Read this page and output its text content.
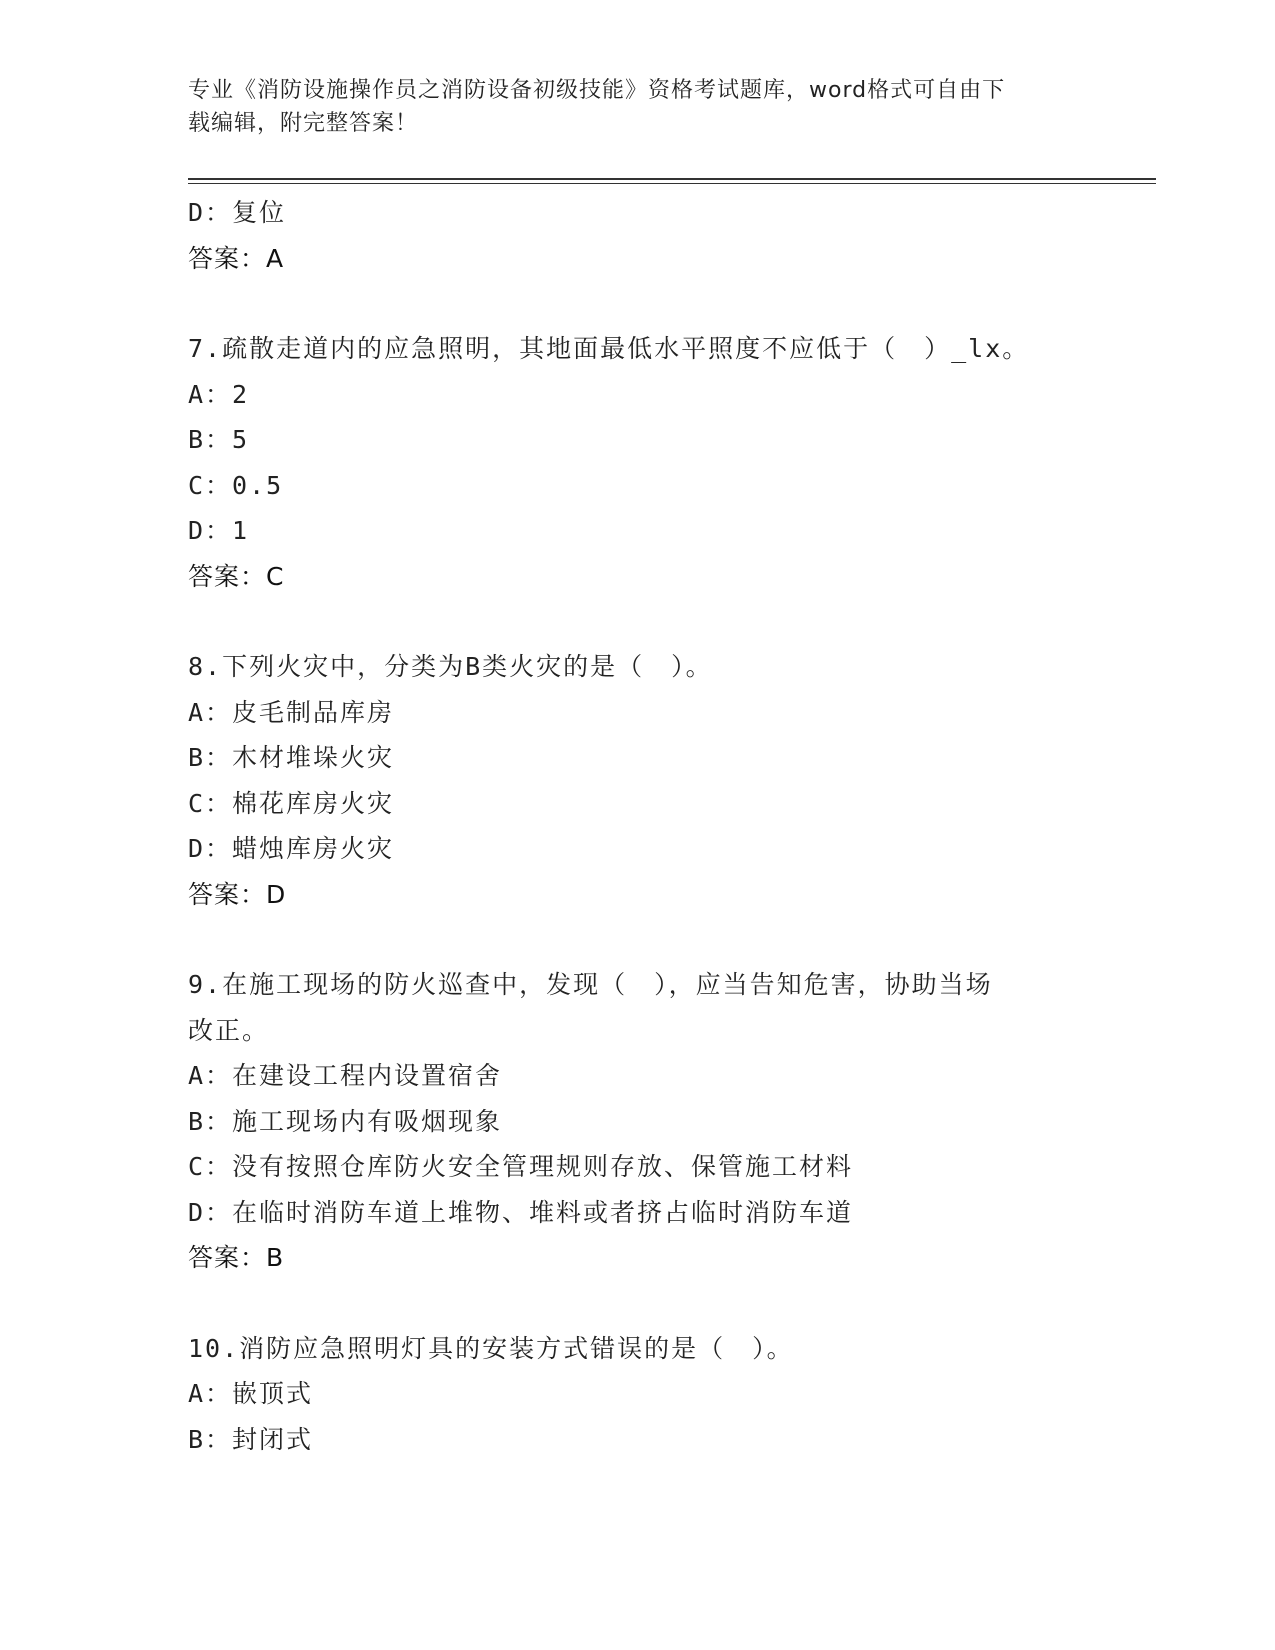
专业《消防设施操作员之消防设备初级技能》资格考试题库，word格式可自由下
载编辑，附完整答案！
D：复位
答案：A
7.疏散走道内的应急照明，其地面最低水平照度不应低于（　）_lx。
A：2
B：5
C：0.5
D：1
答案：C
8.下列火灾中，分类为B类火灾的是（　）。
A：皮毛制品库房
B：木材堆垛火灾
C：棉花库房火灾
D：蜡烛库房火灾
答案：D
9.在施工现场的防火巡查中，发现（　），应当告知危害，协助当场
改正。
A：在建设工程内设置宿舍
B：施工现场内有吸烟现象
C：没有按照仓库防火安全管理规则存放、保管施工材料
D：在临时消防车道上堆物、堆料或者挤占临时消防车道
答案：B
10.消防应急照明灯具的安装方式错误的是（　）。
A：嵌顶式
B：封闭式
